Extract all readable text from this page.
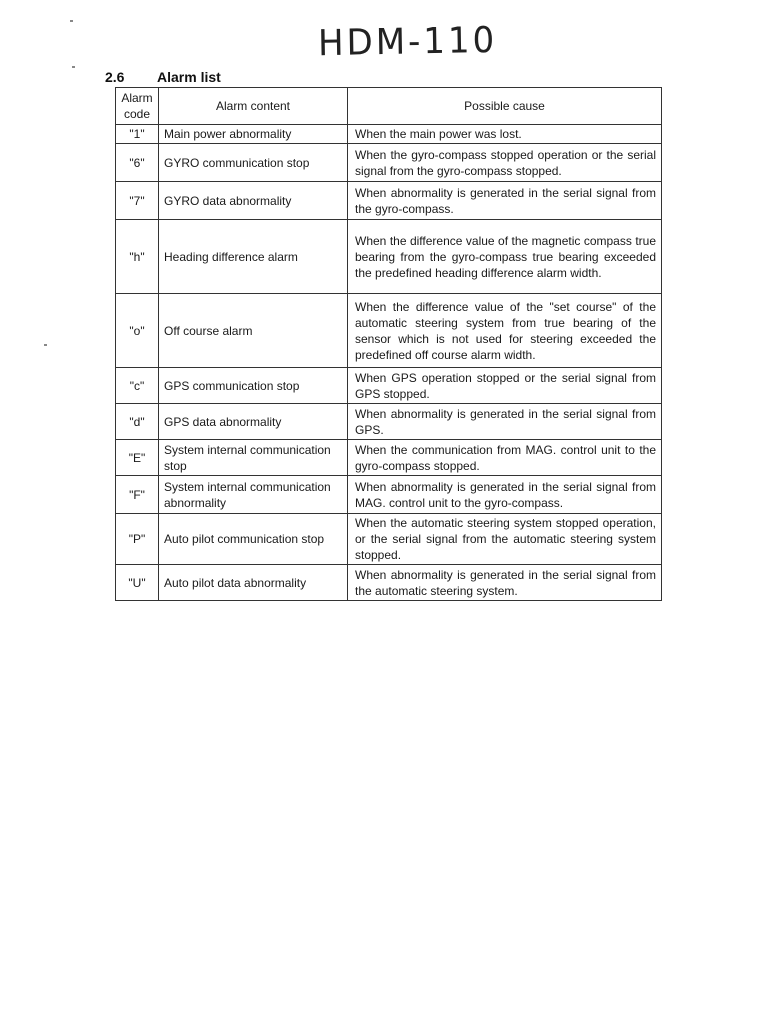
HDM-110
2.6 Alarm list
Alarm
code	Alarm content	Possible cause
"1"	Main power abnormality	When the main power was lost.
"6"	GYRO communication stop	When the gyro-compass stopped operation or the serial signal from the gyro-compass stopped.
"7"	GYRO data abnormality	When abnormality is generated in the serial signal from the gyro-compass.
"h"	Heading difference alarm	When the difference value of the magnetic compass true bearing from the gyro-compass true bearing exceeded the predefined heading difference alarm width.
"o"	Off course alarm	When the difference value of the "set course" of the automatic steering system from true bearing of the sensor which is not used for steering exceeded the predefined off course alarm width.
"c"	GPS communication stop	When GPS operation stopped or the serial signal from GPS stopped.
"d"	GPS data abnormality	When abnormality is generated in the serial signal from GPS.
"E"	System internal communication stop	When the communication from MAG. control unit to the gyro-compass stopped.
"F"	System internal communication abnormality	When abnormality is generated in the serial signal from MAG. control unit to the gyro-compass.
"P"	Auto pilot communication stop	When the automatic steering system stopped operation, or the serial signal from the automatic steering system stopped.
"U"	Auto pilot data abnormality	When abnormality is generated in the serial signal from the automatic steering system.
